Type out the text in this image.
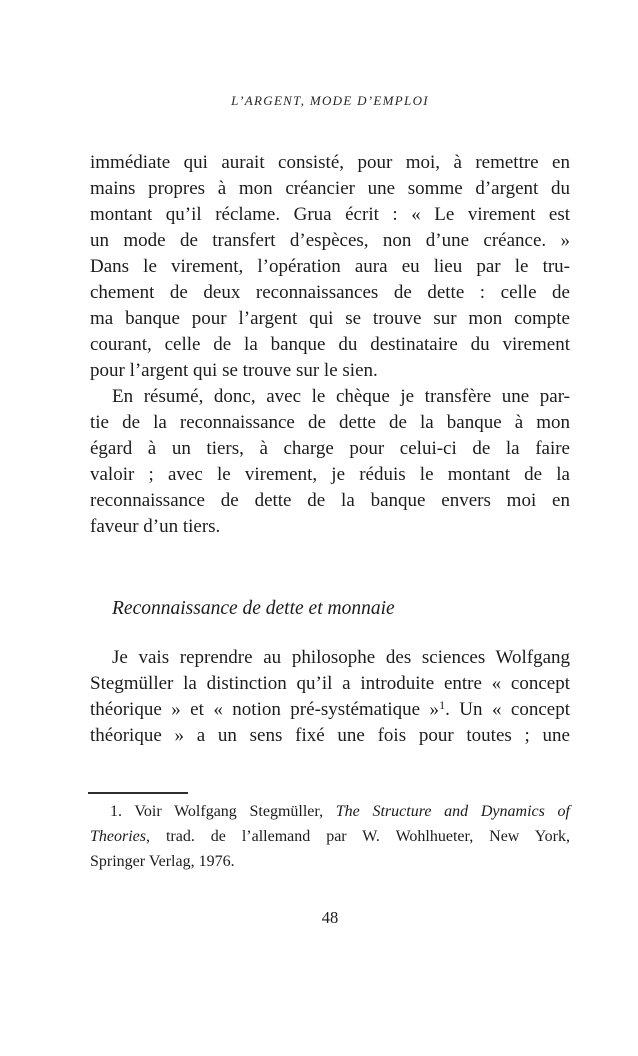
L’ARGENT, MODE D’EMPLOI
immédiate qui aurait consisté, pour moi, à remettre en
mains propres à mon créancier une somme d’argent du
montant qu’il réclame. Grua écrit : « Le virement est
un mode de transfert d’espèces, non d’une créance. »
Dans le virement, l’opération aura eu lieu par le tru-
chement de deux reconnaissances de dette : celle de
ma banque pour l’argent qui se trouve sur mon compte
courant, celle de la banque du destinataire du virement
pour l’argent qui se trouve sur le sien.
En résumé, donc, avec le chèque je transfère une par-
tie de la reconnaissance de dette de la banque à mon
égard à un tiers, à charge pour celui-ci de la faire
valoir ; avec le virement, je réduis le montant de la
reconnaissance de dette de la banque envers moi en
faveur d’un tiers.
Reconnaissance de dette et monnaie
Je vais reprendre au philosophe des sciences Wolfgang
Stegmüller la distinction qu’il a introduite entre « concept
théorique » et « notion pré-systématique »$^1$. Un « concept
théorique » a un sens fixé une fois pour toutes ; une
1. Voir Wolfgang Stegmüller, The Structure and Dynamics of
Theories, trad. de l’allemand par W. Wohlhueter, New York,
Springer Verlag, 1976.
48
